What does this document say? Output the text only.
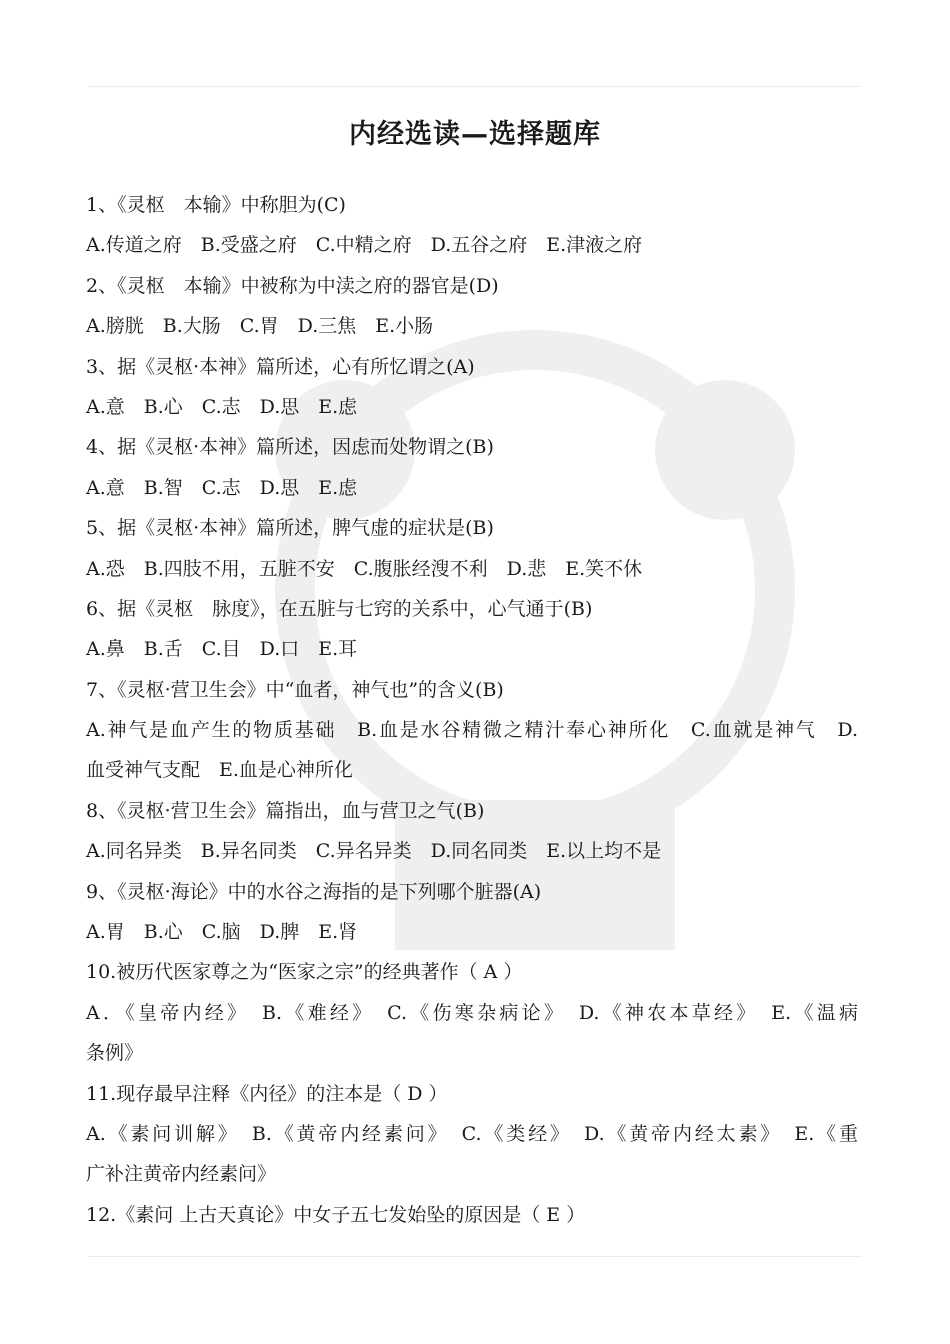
内经选读—选择题库
1、《灵枢　本输》中称胆为(C)
A.传道之府　B.受盛之府　C.中精之府　D.五谷之府　E.津液之府
2、《灵枢　本输》中被称为中渎之府的器官是(D)
A.膀胱　B.大肠　C.胃　D.三焦　E.小肠
3、据《灵枢·本神》篇所述，心有所忆谓之(A)
A.意　B.心　C.志　D.思　E.虑
4、据《灵枢·本神》篇所述，因虑而处物谓之(B)
A.意　B.智　C.志　D.思　E.虑
5、据《灵枢·本神》篇所述，脾气虚的症状是(B)
A.恐　B.四肢不用，五脏不安　C.腹胀经溲不利　D.悲　E.笑不休
6、据《灵枢　脉度》，在五脏与七窍的关系中，心气通于(B)
A.鼻　B.舌　C.目　D.口　E.耳
7、《灵枢·营卫生会》中“血者，神气也”的含义(B)
A.神气是血产生的物质基础　B.血是水谷精微之精汁奉心神所化　C.血就是神气　D.
血受神气支配　E.血是心神所化
8、《灵枢·营卫生会》篇指出，血与营卫之气(B)
A.同名异类　B.异名同类　C.异名异类　D.同名同类　E.以上均不是
9、《灵枢·海论》中的水谷之海指的是下列哪个脏器(A)
A.胃　B.心　C.脑　D.脾　E.肾
10.被历代医家尊之为“医家之宗”的经典著作（ A ）
A．《皇帝内经》　B.《难经》　C.《伤寒杂病论》　D.《神农本草经》　E.《温病
条例》
11.现存最早注释《内径》的注本是（ D ）
A.《素问训解》　B.《黄帝内经素问》　C.《类经》　D.《黄帝内经太素》　E.《重
广补注黄帝内经素问》
12.《素问 上古天真论》中女子五七发始坠的原因是（ E ）
